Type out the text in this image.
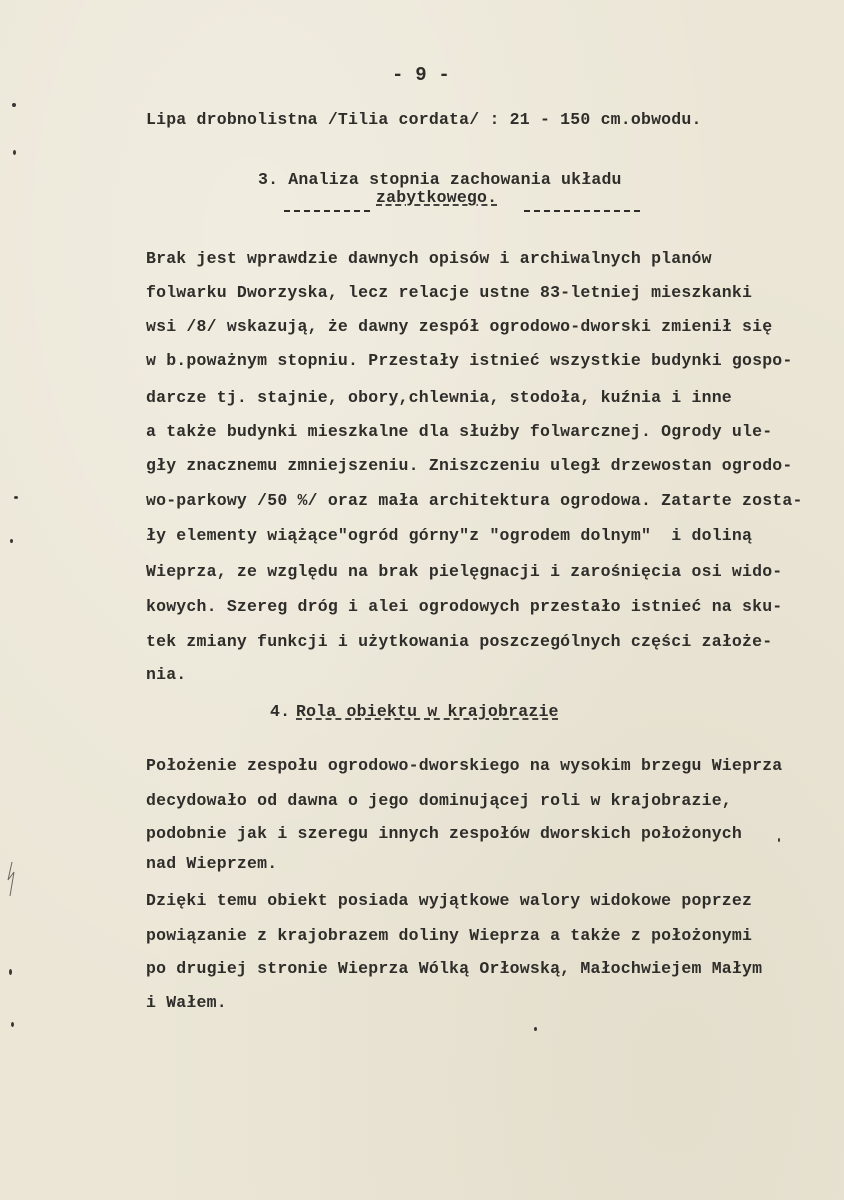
- 9 -
Lipa drobnolistna /Tilia cordata/ : 21 - 150 cm.obwodu.
3. Analiza stopnia zachowania układu
zabytkowego.
Brak jest wprawdzie dawnych opisów i archiwalnych planów
folwarku Dworzyska, lecz relacje ustne 83-letniej mieszkanki
wsi /8/ wskazują, że dawny zespół ogrodowo-dworski zmienił się
w b.poważnym stopniu. Przestały istnieć wszystkie budynki gospo-
darcze tj. stajnie, obory,chlewnia, stodoła, kuźnia i inne
a także budynki mieszkalne dla służby folwarcznej. Ogrody ule-
gły znacznemu zmniejszeniu. Zniszczeniu uległ drzewostan ogrodo-
wo-parkowy /50 %/ oraz mała architektura ogrodowa. Zatarte zosta-
ły elementy wiążące"ogród górny"z "ogrodem dolnym"  i doliną
Wieprza, ze względu na brak pielęgnacji i zarośnięcia osi wido-
kowych. Szereg dróg i alei ogrodowych przestało istnieć na sku-
tek zmiany funkcji i użytkowania poszczególnych części założe-
nia.
4. Rola obiektu w krajobrazie
Położenie zespołu ogrodowo-dworskiego na wysokim brzegu Wieprza
decydowało od dawna o jego dominującej roli w krajobrazie,
podobnie jak i szeregu innych zespołów dworskich położonych
nad Wieprzem.
Dzięki temu obiekt posiada wyjątkowe walory widokowe poprzez
powiązanie z krajobrazem doliny Wieprza a także z położonymi
po drugiej stronie Wieprza Wólką Orłowską, Małochwiejem Małym
i Wałem.
